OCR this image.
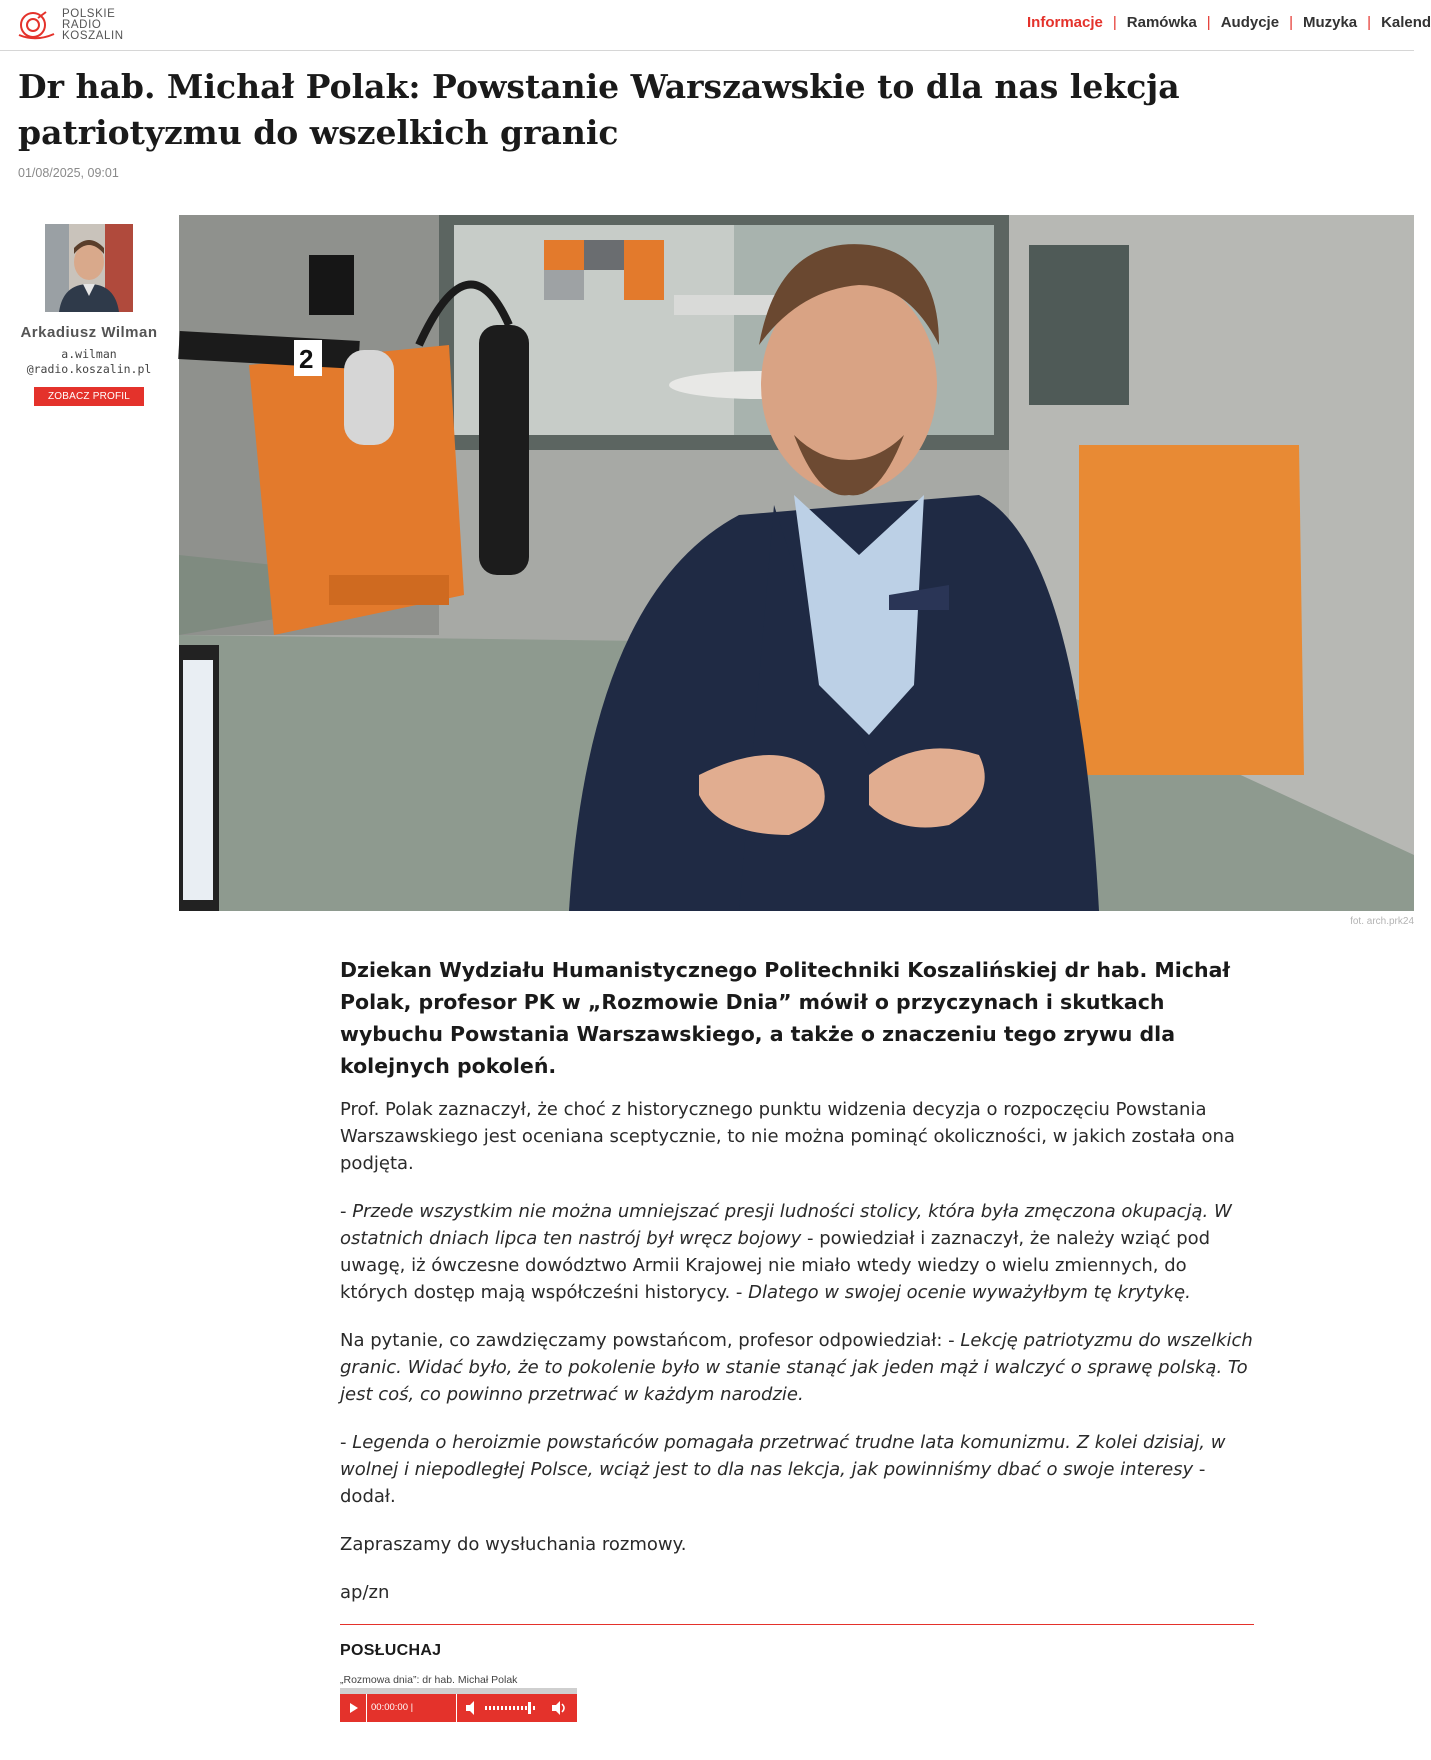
POLSKIE
RADIO
KOSZALIN
Informacje | Ramówka | Audycje | Muzyka | Kalend
Dr hab. Michał Polak: Powstanie Warszawskie to dla nas lekcja patriotyzmu do wszelkich granic
01/08/2025, 09:01
Arkadiusz Wilman
a.wilman
@radio.koszalin.pl
ZOBACZ PROFIL
2
fot. arch.prk24

Dziekan Wydziału Humanistycznego Politechniki Koszalińskiej dr hab. Michał Polak, profesor PK w „Rozmowie Dnia” mówił o przyczynach i skutkach wybuchu Powstania Warszawskiego, a także o znaczeniu tego zrywu dla kolejnych pokoleń.

Prof. Polak zaznaczył, że choć z historycznego punktu widzenia decyzja o rozpoczęciu Powstania Warszawskiego jest oceniana sceptycznie, to nie można pominąć okoliczności, w jakich została ona podjęta.

- Przede wszystkim nie można umniejszać presji ludności stolicy, która była zmęczona okupacją. W ostatnich dniach lipca ten nastrój był wręcz bojowy - powiedział i zaznaczył, że należy wziąć pod uwagę, iż ówczesne dowództwo Armii Krajowej nie miało wtedy wiedzy o wielu zmiennych, do których dostęp mają współcześni historycy. - Dlatego w swojej ocenie wyważyłbym tę krytykę.

Na pytanie, co zawdzięczamy powstańcom, profesor odpowiedział: - Lekcję patriotyzmu do wszelkich granic. Widać było, że to pokolenie było w stanie stanąć jak jeden mąż i walczyć o sprawę polską. To jest coś, co powinno przetrwać w każdym narodzie.

- Legenda o heroizmie powstańców pomagała przetrwać trudne lata komunizmu. Z kolei dzisiaj, w wolnej i niepodległej Polsce, wciąż jest to dla nas lekcja, jak powinniśmy dbać o swoje interesy - dodał.

Zapraszamy do wysłuchania rozmowy.

ap/zn

POSŁUCHAJ
„Rozmowa dnia”: dr hab. Michał Polak
00:00:00 | 00:00:00
